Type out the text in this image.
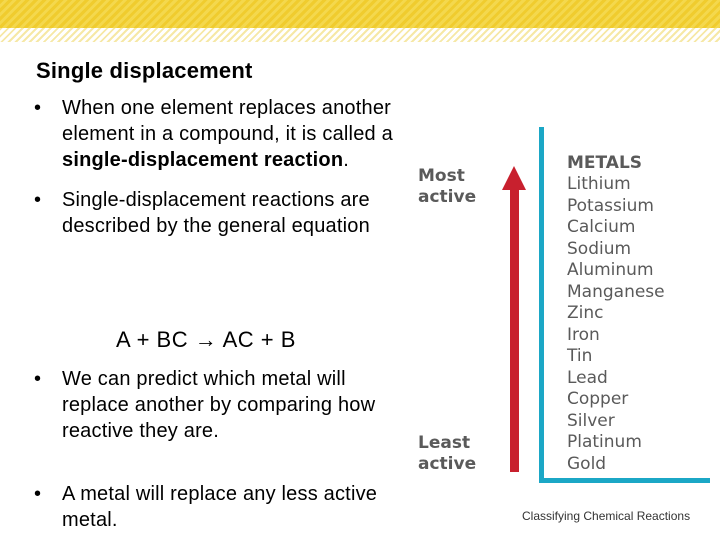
Single displacement
• When one element replaces another element in a compound, it is called a single-displacement reaction.
• Single-displacement reactions are described by the general equation
A + BC → AC + B
• We can predict which metal will replace another by comparing how reactive they are.
• A metal will replace any less active metal.
Most
active
Least
active
METALS
Lithium
Potassium
Calcium
Sodium
Aluminum
Manganese
Zinc
Iron
Tin
Lead
Copper
Silver
Platinum
Gold
Classifying Chemical Reactions
